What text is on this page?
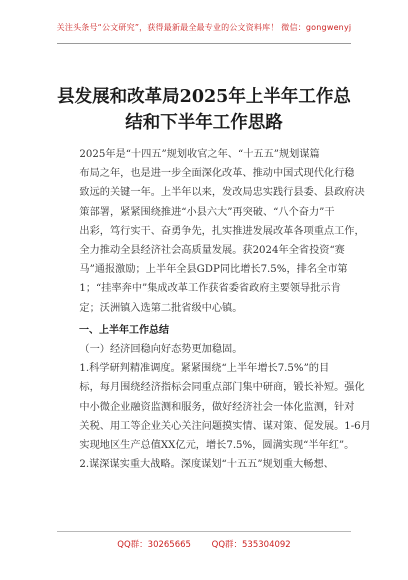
关注头条号“公文研究”，获得最新最全最专业的公文资料库！ 微信：gongwenyj
县发展和改革局2025年上半年工作总
结和下半年工作思路

2025年是“十四五”规划收官之年、“十五五”规划谋篇
布局之年，也是进一步全面深化改革、推动中国式现代化行稳
致远的关键一年。上半年以来，发改局忠实践行县委、县政府决
策部署，紧紧围绕推进“小县六大”再突破、“八个奋力”干
出彩，笃行实干、奋勇争先，扎实推进发展改革各项重点工作，
全力推动全县经济社会高质量发展。获2024年全省投资“赛
马”通报激励；上半年全县GDP同比增长7.5%，排名全市第
1；“挂率奔中”集成改革工作获省委省政府主要领导批示肯
定；沃洲镇入选第二批省级中心镇。

一、上半年工作总结

（一）经济回稳向好态势更加稳固。

1.科学研判精准调度。紧紧围绕“上半年增长7.5%”的目
标，每月围绕经济指标会同重点部门集中研商，锻长补短。强化
中小微企业融资监测和服务，做好经济社会一体化监测，针对
关税、用工等企业关心关注问题摸实情、谋对策、促发展。1-6月
实现地区生产总值XX亿元，增长7.5%，圆满实现“半年红”。

2.谋深谋实重大战略。深度谋划“十五五”规划重大畅想、

QQ群：30265665 QQ群：535304092
